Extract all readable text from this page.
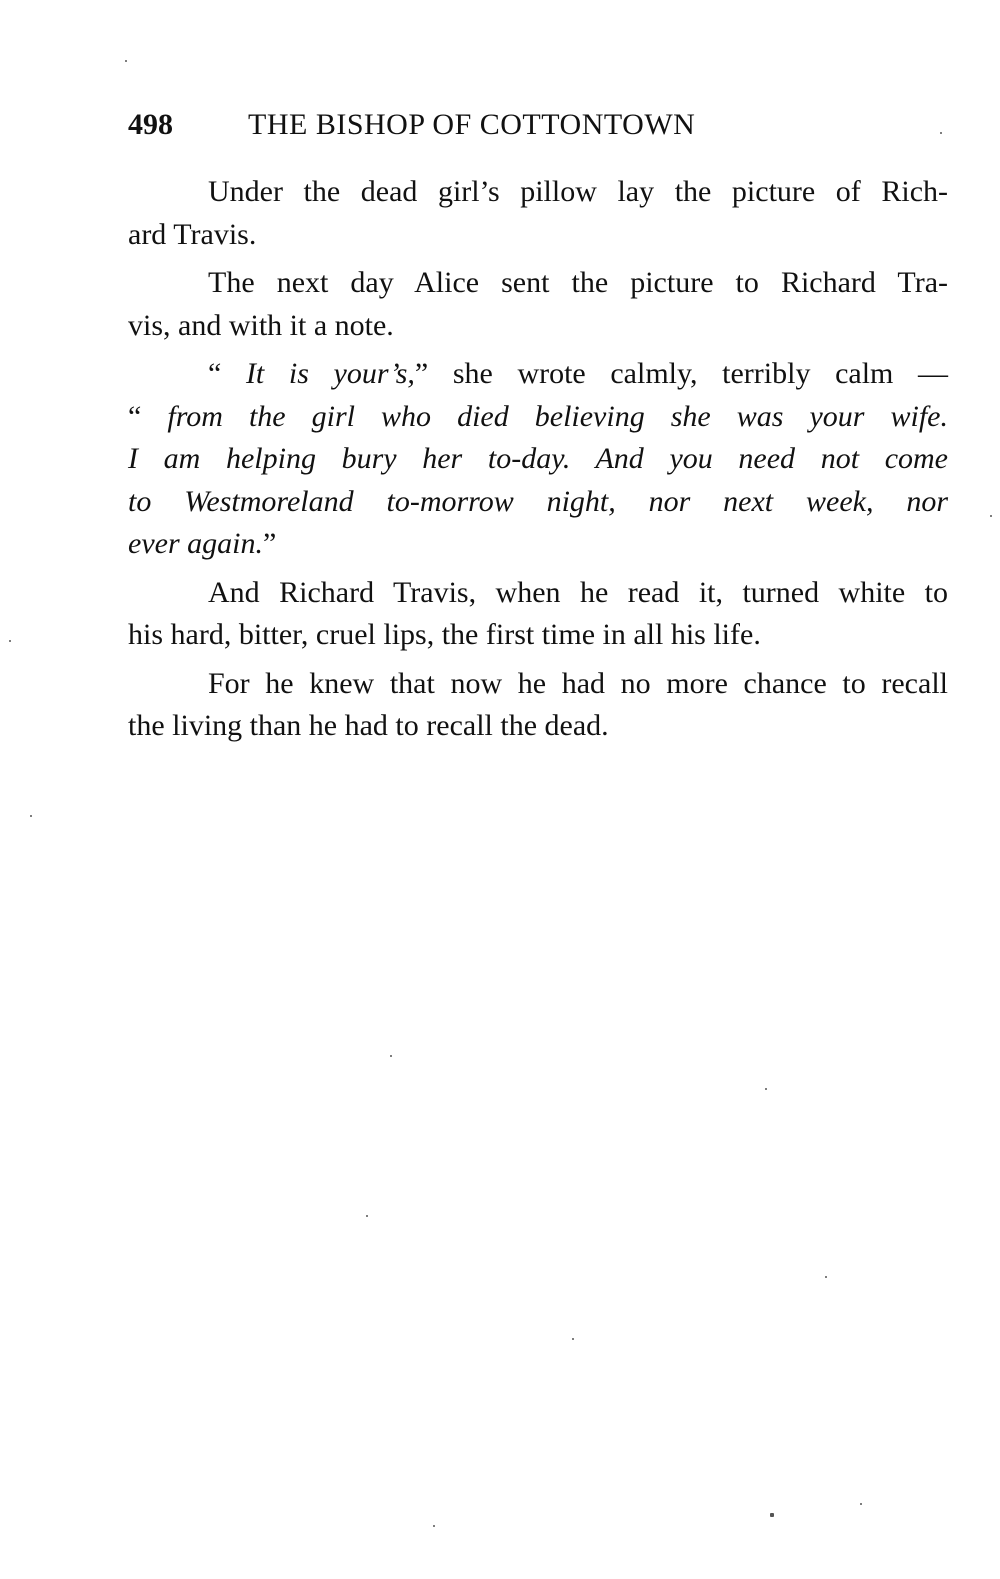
498	THE BISHOP OF COTTONTOWN

Under the dead girl’s pillow lay the picture of Rich-
ard Travis.

The next day Alice sent the picture to Richard Tra-
vis, and with it a note.

“ It is your’s,” she wrote calmly, terribly calm —
“ from the girl who died believing she was your wife.
I am helping bury her to-day. And you need not come
to Westmoreland to-morrow night, nor next week, nor
ever again.”

And Richard Travis, when he read it, turned white to
his hard, bitter, cruel lips, the first time in all his life.

For he knew that now he had no more chance to recall
the living than he had to recall the dead.
